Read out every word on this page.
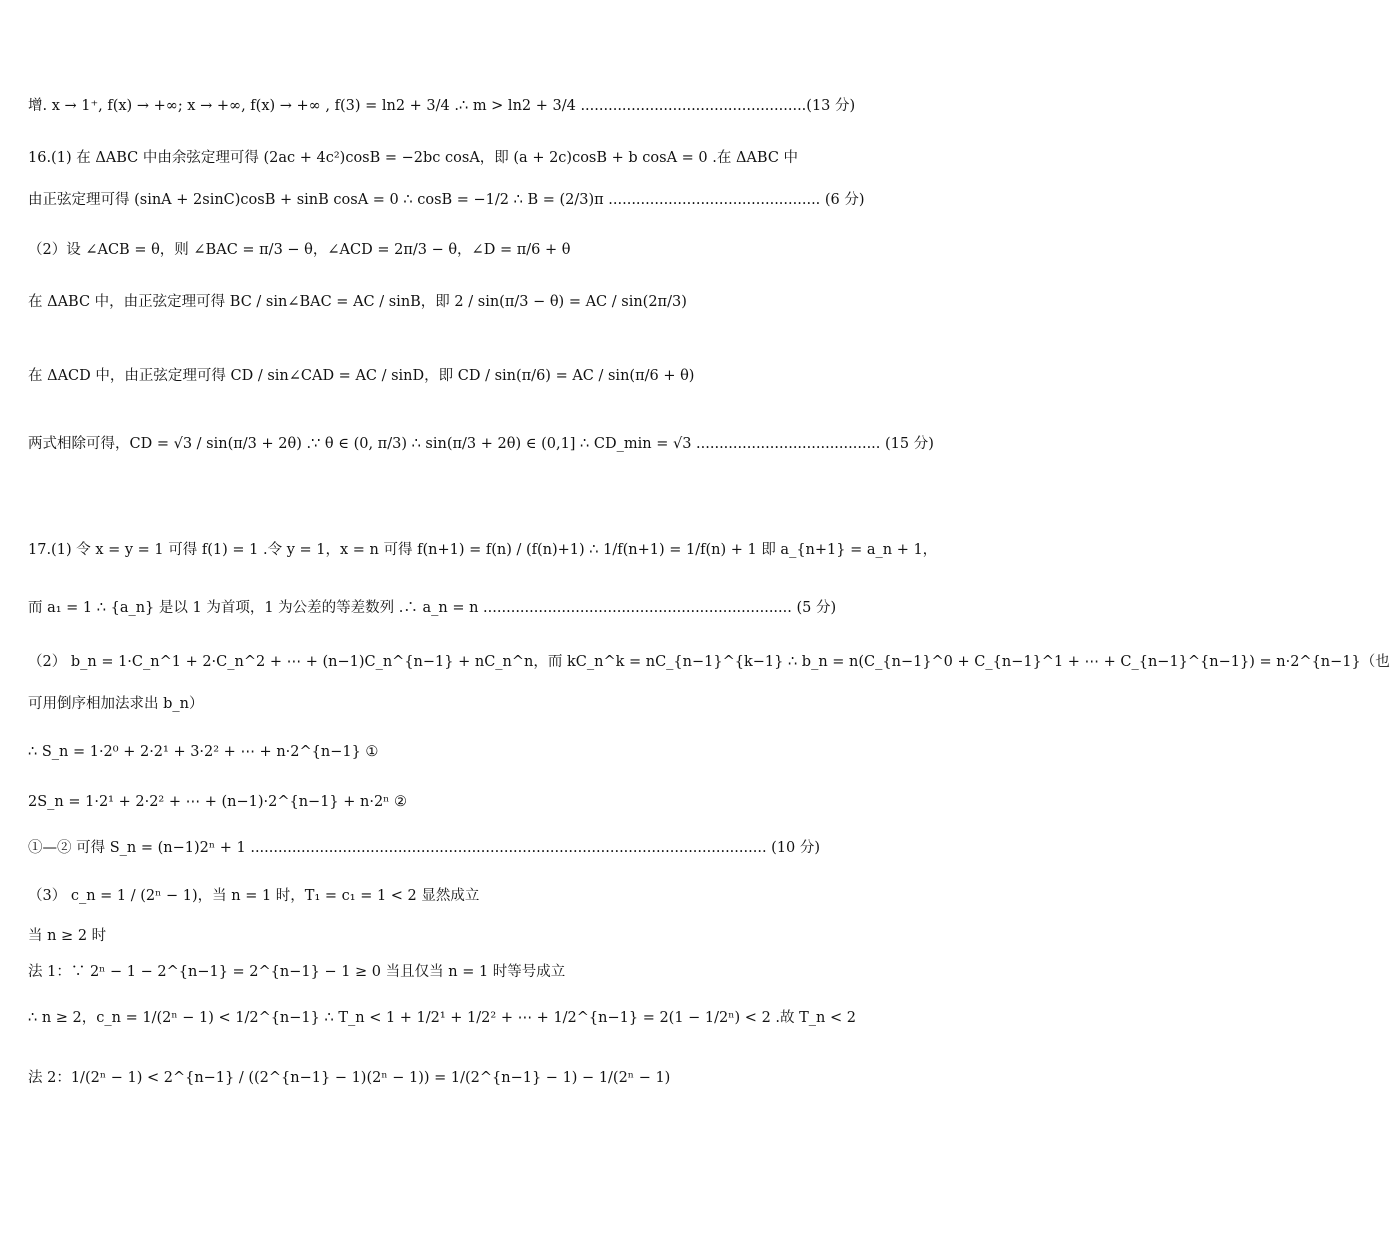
增. x → 1⁺, f(x) → +∞; x → +∞, f(x) → +∞ , f(3) = ln2 + 3/4 .∴ m > ln2 + 3/4 .................................................(13 分)
16.(1) 在 ΔABC 中由余弦定理可得 (2ac + 4c²)cosB = −2bc cosA，即 (a + 2c)cosB + b cosA = 0 .在 ΔABC 中
由正弦定理可得 (sinA + 2sinC)cosB + sinB cosA = 0 ∴ cosB = −1/2 ∴ B = (2/3)π .............................................. (6 分)
（2）设 ∠ACB = θ，则 ∠BAC = π/3 − θ，∠ACD = 2π/3 − θ，∠D = π/6 + θ
在 ΔABC 中，由正弦定理可得 BC / sin∠BAC = AC / sinB，即 2 / sin(π/3 − θ) = AC / sin(2π/3)
在 ΔACD 中，由正弦定理可得 CD / sin∠CAD = AC / sinD，即 CD / sin(π/6) = AC / sin(π/6 + θ)
两式相除可得，CD = √3 / sin(π/3 + 2θ) .∵ θ ∈ (0, π/3) ∴ sin(π/3 + 2θ) ∈ (0,1] ∴ CD_min = √3 ........................................ (15 分)
17.(1) 令 x = y = 1 可得 f(1) = 1 .令 y = 1，x = n 可得 f(n+1) = f(n) / (f(n)+1) ∴ 1/f(n+1) = 1/f(n) + 1 即 a_{n+1} = a_n + 1，
而 a₁ = 1 ∴ {a_n} 是以 1 为首项，1 为公差的等差数列 .∴ a_n = n ................................................................... (5 分)
（2） b_n = 1·C_n^1 + 2·C_n^2 + ⋯ + (n−1)C_n^{n−1} + nC_n^n，而 kC_n^k = nC_{n−1}^{k−1} ∴ b_n = n(C_{n−1}^0 + C_{n−1}^1 + ⋯ + C_{n−1}^{n−1}) = n·2^{n−1}（也
可用倒序相加法求出 b_n）
∴ S_n = 1·2⁰ + 2·2¹ + 3·2² + ⋯ + n·2^{n−1} ①
2S_n = 1·2¹ + 2·2² + ⋯ + (n−1)·2^{n−1} + n·2ⁿ ②
①—② 可得 S_n = (n−1)2ⁿ + 1 ................................................................................................................ (10 分)
（3） c_n = 1 / (2ⁿ − 1)，当 n = 1 时，T₁ = c₁ = 1 < 2 显然成立
当 n ≥ 2 时
法 1：∵ 2ⁿ − 1 − 2^{n−1} = 2^{n−1} − 1 ≥ 0 当且仅当 n = 1 时等号成立
∴ n ≥ 2，c_n = 1/(2ⁿ − 1) < 1/2^{n−1} ∴ T_n < 1 + 1/2¹ + 1/2² + ⋯ + 1/2^{n−1} = 2(1 − 1/2ⁿ) < 2 .故 T_n < 2
法 2：1/(2ⁿ − 1) < 2^{n−1} / ((2^{n−1} − 1)(2ⁿ − 1)) = 1/(2^{n−1} − 1) − 1/(2ⁿ − 1)
